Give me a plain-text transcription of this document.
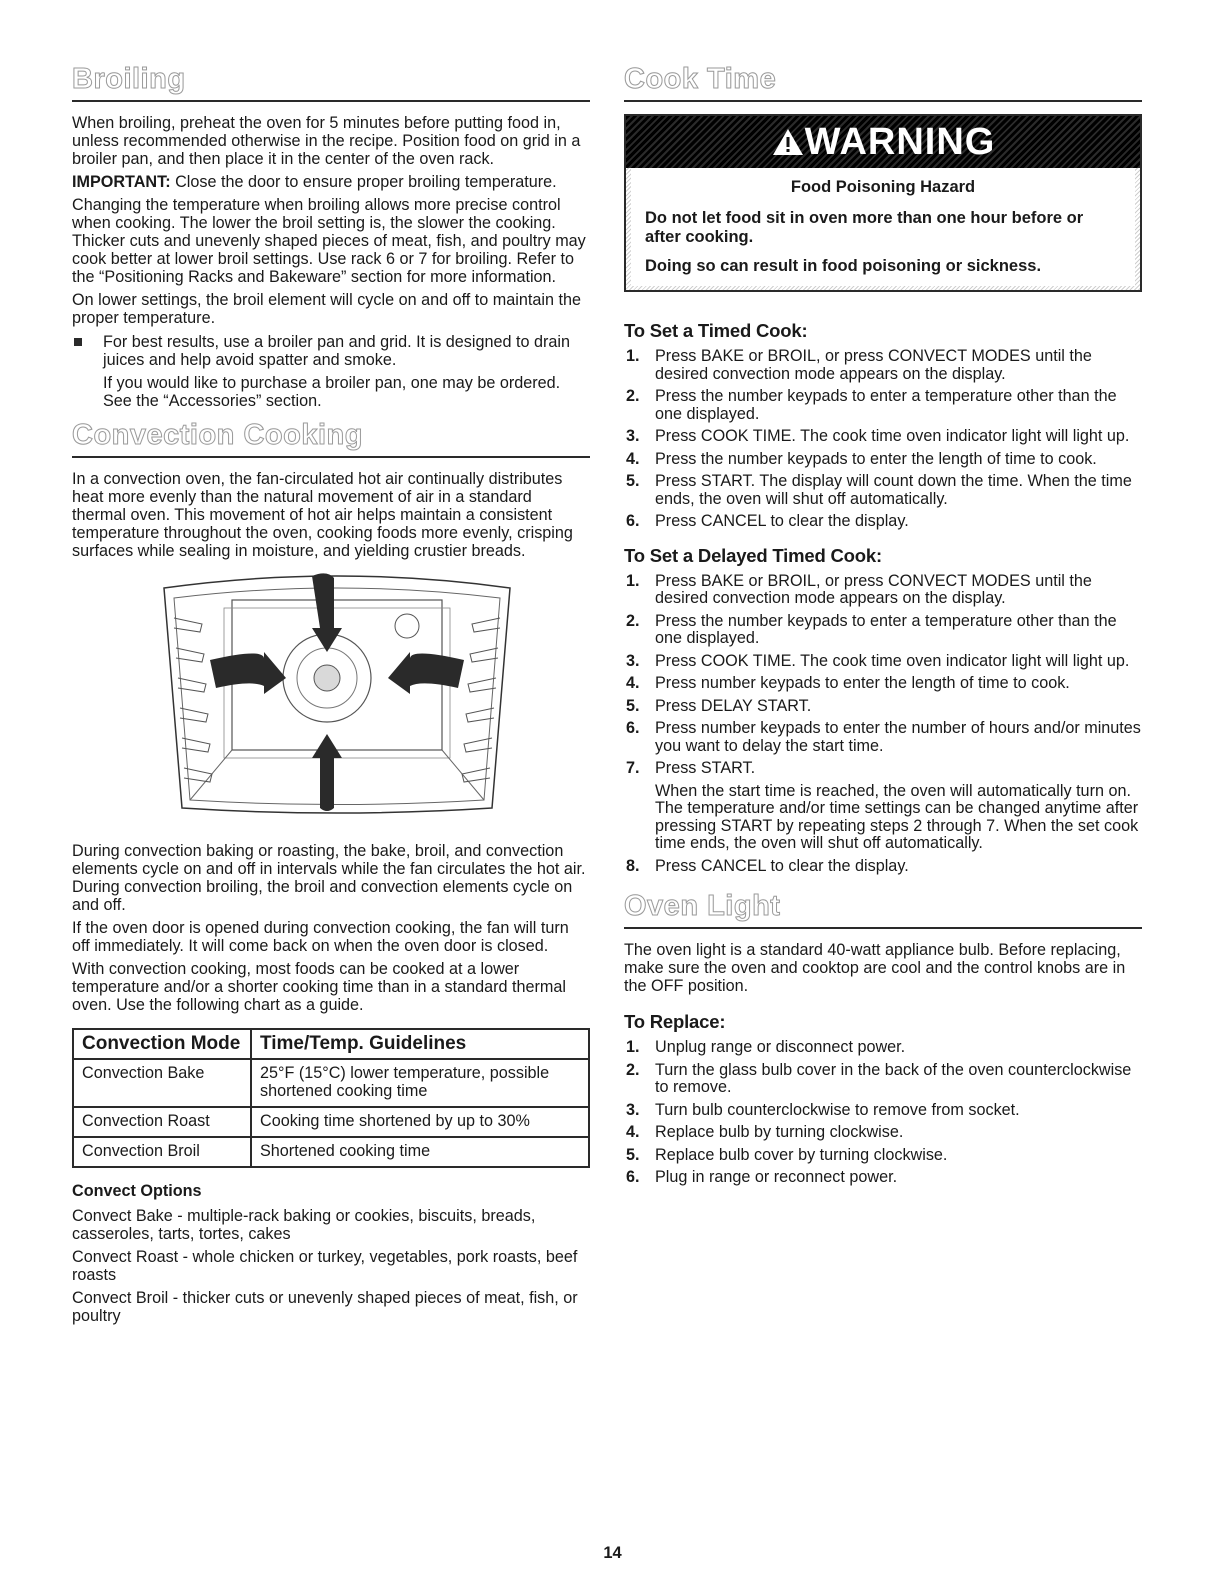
Broiling

When broiling, preheat the oven for 5 minutes before putting food in, unless recommended otherwise in the recipe. Position food on grid in a broiler pan, and then place it in the center of the oven rack.

IMPORTANT: Close the door to ensure proper broiling temperature.

Changing the temperature when broiling allows more precise control when cooking. The lower the broil setting is, the slower the cooking. Thicker cuts and unevenly shaped pieces of meat, fish, and poultry may cook better at lower broil settings. Use rack 6 or 7 for broiling. Refer to the “Positioning Racks and Bakeware” section for more information.

On lower settings, the broil element will cycle on and off to maintain the proper temperature.

For best results, use a broiler pan and grid. It is designed to drain juices and help avoid spatter and smoke.
If you would like to purchase a broiler pan, one may be ordered. See the “Accessories” section.
Convection Cooking

In a convection oven, the fan-circulated hot air continually distributes heat more evenly than the natural movement of air in a standard thermal oven. This movement of hot air helps maintain a consistent temperature throughout the oven, cooking foods more evenly, crisping surfaces while sealing in moisture, and yielding crustier breads.

During convection baking or roasting, the bake, broil, and convection elements cycle on and off in intervals while the fan circulates the hot air. During convection broiling, the broil and convection elements cycle on and off.

If the oven door is opened during convection cooking, the fan will turn off immediately. It will come back on when the oven door is closed.

With convection cooking, most foods can be cooked at a lower temperature and/or a shorter cooking time than in a standard thermal oven. Use the following chart as a guide.

Convection Mode	Time/Temp. Guidelines
Convection Bake	25°F (15°C) lower temperature, possible shortened cooking time
Convection Roast	Cooking time shortened by up to 30%
Convection Broil	Shortened cooking time
Convect Options

Convect Bake - multiple-rack baking or cookies, biscuits, breads, casseroles, tarts, tortes, cakes

Convect Roast - whole chicken or turkey, vegetables, pork roasts, beef roasts

Convect Broil - thicker cuts or unevenly shaped pieces of meat, fish, or poultry

Cook Time
WARNING
Food Poisoning Hazard
Do not let food sit in oven more than one hour before or after cooking.
Doing so can result in food poisoning or sickness.
To Set a Timed Cook:
1. Press BAKE or BROIL, or press CONVECT MODES until the desired convection mode appears on the display.
2. Press the number keypads to enter a temperature other than the one displayed.
3. Press COOK TIME. The cook time oven indicator light will light up.
4. Press the number keypads to enter the length of time to cook.
5. Press START. The display will count down the time. When the time ends, the oven will shut off automatically.
6. Press CANCEL to clear the display.
To Set a Delayed Timed Cook:
1. Press BAKE or BROIL, or press CONVECT MODES until the desired convection mode appears on the display.
2. Press the number keypads to enter a temperature other than the one displayed.
3. Press COOK TIME. The cook time oven indicator light will light up.
4. Press number keypads to enter the length of time to cook.
5. Press DELAY START.
6. Press number keypads to enter the number of hours and/or minutes you want to delay the start time.
7. Press START.
When the start time is reached, the oven will automatically turn on. The temperature and/or time settings can be changed anytime after pressing START by repeating steps 2 through 7. When the set cook time ends, the oven will shut off automatically.
8. Press CANCEL to clear the display.
Oven Light

The oven light is a standard 40-watt appliance bulb. Before replacing, make sure the oven and cooktop are cool and the control knobs are in the OFF position.

To Replace:
1. Unplug range or disconnect power.
2. Turn the glass bulb cover in the back of the oven counterclockwise to remove.
3. Turn bulb counterclockwise to remove from socket.
4. Replace bulb by turning clockwise.
5. Replace bulb cover by turning clockwise.
6. Plug in range or reconnect power.
14
